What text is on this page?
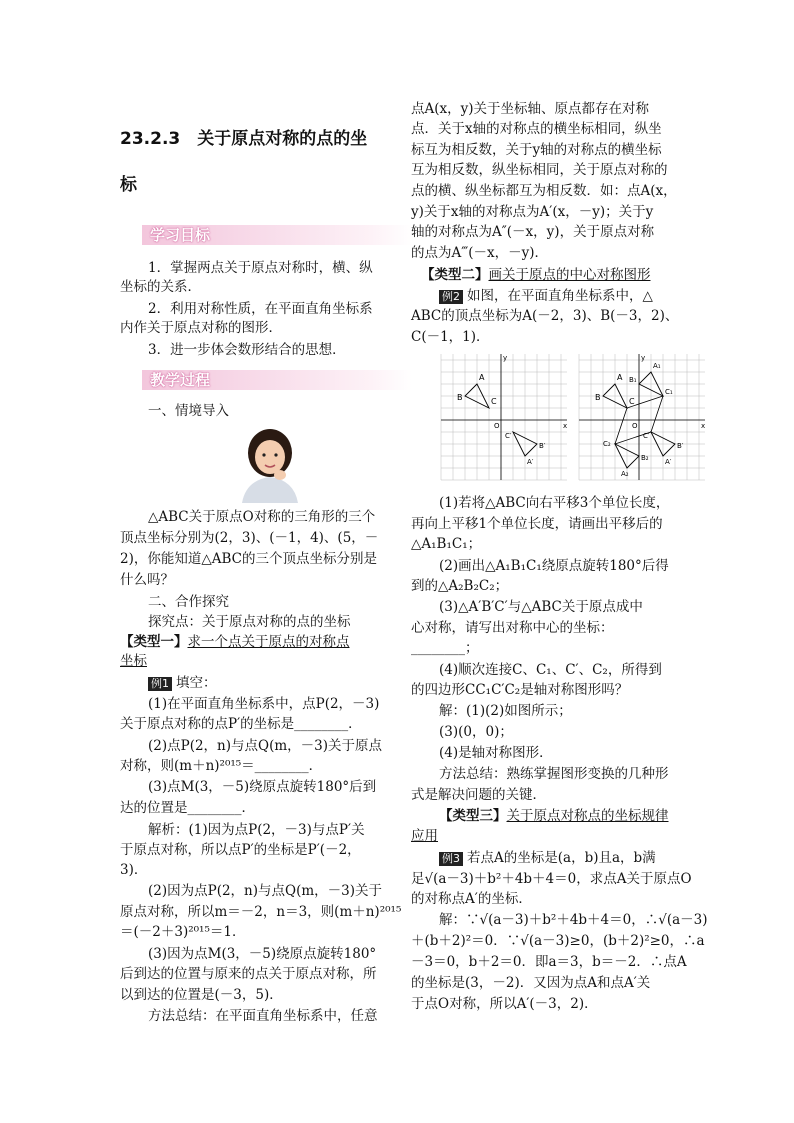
23.2.3　关于原点对称的点的坐
标
学习目标
1．掌握两点关于原点对称时，横、纵
坐标的关系．
2．利用对称性质，在平面直角坐标系
内作关于原点对称的图形．
3．进一步体会数形结合的思想．
教学过程
一、情境导入
△ABC关于原点O对称的三角形的三个
顶点坐标分别为(2，3)、(－1，4)、(5，－
2)，你能知道△ABC的三个顶点坐标分别是
什么吗？
二、合作探究
探究点：关于原点对称的点的坐标
【类型一】求一个点关于原点的对称点
坐标
例1 填空：
(1)在平面直角坐标系中，点P(2，－3)
关于原点对称的点P′的坐标是________．
(2)点P(2，n)与点Q(m，－3)关于原点
对称，则(m＋n)²⁰¹⁵＝________．
(3)点M(3，－5)绕原点旋转180°后到
达的位置是________．
解析：(1)因为点P(2，－3)与点P′关
于原点对称，所以点P′的坐标是P′(－2，
3)．
(2)因为点P(2，n)与点Q(m，－3)关于
原点对称，所以m＝－2，n＝3，则(m＋n)²⁰¹⁵
＝(－2＋3)²⁰¹⁵＝1．
(3)因为点M(3，－5)绕原点旋转180°
后到达的位置与原来的点关于原点对称，所
以到达的位置是(－3，5)．
方法总结：在平面直角坐标系中，任意
点A(x，y)关于坐标轴、原点都存在对称
点．关于x轴的对称点的横坐标相同，纵坐
标互为相反数，关于y轴的对称点的横坐标
互为相反数，纵坐标相同，关于原点对称的
点的横、纵坐标都互为相反数．如：点A(x，
y)关于x轴的对称点为A′(x，－y)；关于y
轴的对称点为A″(－x，y)，关于原点对称
的点为A‴(－x，－y)．
【类型二】画关于原点的中心对称图形
例2 如图，在平面直角坐标系中，△
ABC的顶点坐标为A(－2，3)、B(－3，2)、
C(－1，1)．
A
B	C
A′
B′
C′
x
y
O
A
B	C
A₁
B₁
C₁
A₂
B₂
C₂
A′
B′
C′
x
y
O
(1)若将△ABC向右平移3个单位长度，
再向上平移1个单位长度，请画出平移后的
△A₁B₁C₁；
(2)画出△A₁B₁C₁绕原点旋转180°后得
到的△A₂B₂C₂；
(3)△A′B′C′与△ABC关于原点成中
心对称，请写出对称中心的坐标：
________；
(4)顺次连接C、C₁、C′、C₂，所得到
的四边形CC₁C′C₂是轴对称图形吗？
解：(1)(2)如图所示；
(3)(0，0)；
(4)是轴对称图形．
方法总结：熟练掌握图形变换的几种形
式是解决问题的关键．
【类型三】关于原点对称点的坐标规律
应用
例3 若点A的坐标是(a，b)且a，b满
足√(a－3)＋b²＋4b＋4＝0，求点A关于原点O
的对称点A′的坐标．
解：∵√(a－3)＋b²＋4b＋4＝0，∴√(a－3)
＋(b＋2)²＝0．∵√(a－3)≥0，(b＋2)²≥0，∴a
－3＝0，b＋2＝0．即a＝3，b＝－2．∴点A
的坐标是(3，－2)．又因为点A和点A′关
于点O对称，所以A′(－3，2)．
